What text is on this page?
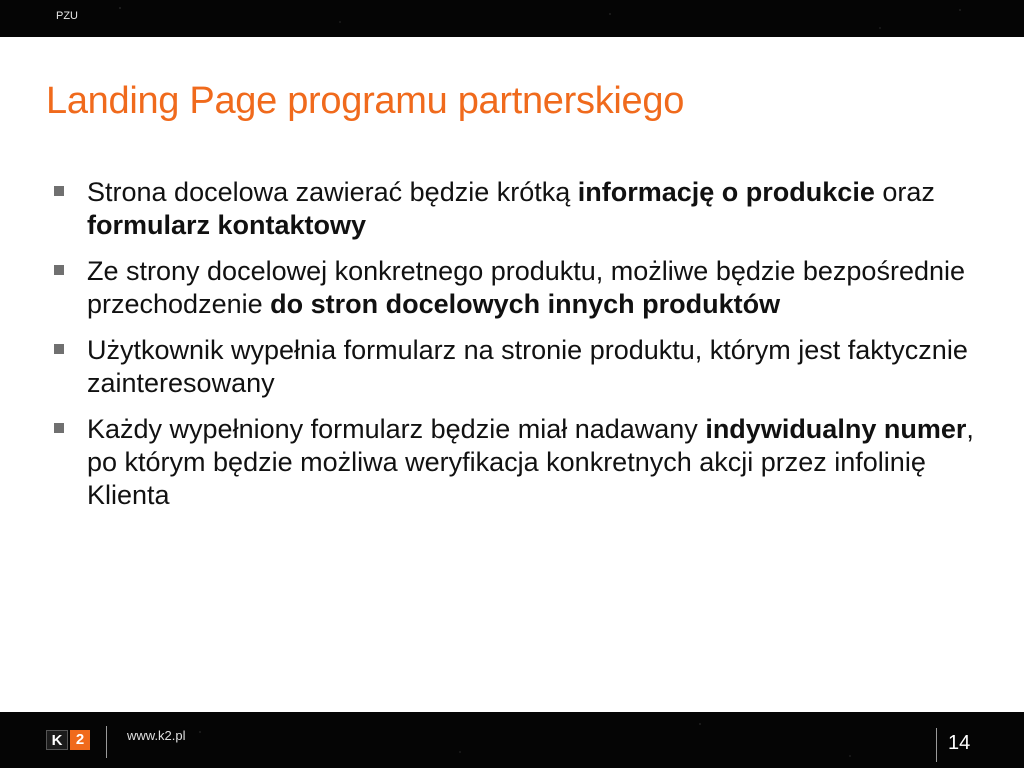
PZU
Landing Page programu partnerskiego
Strona docelowa zawierać będzie krótką informację o produkcie oraz formularz kontaktowy
Ze strony docelowej konkretnego produktu, możliwe będzie bezpośrednie przechodzenie do stron docelowych innych produktów
Użytkownik wypełnia formularz na stronie produktu, którym jest faktycznie zainteresowany
Każdy wypełniony formularz będzie miał nadawany indywidualny numer, po którym będzie możliwa weryfikacja konkretnych akcji przez infolinię Klienta
K 2	www.k2.pl	14
